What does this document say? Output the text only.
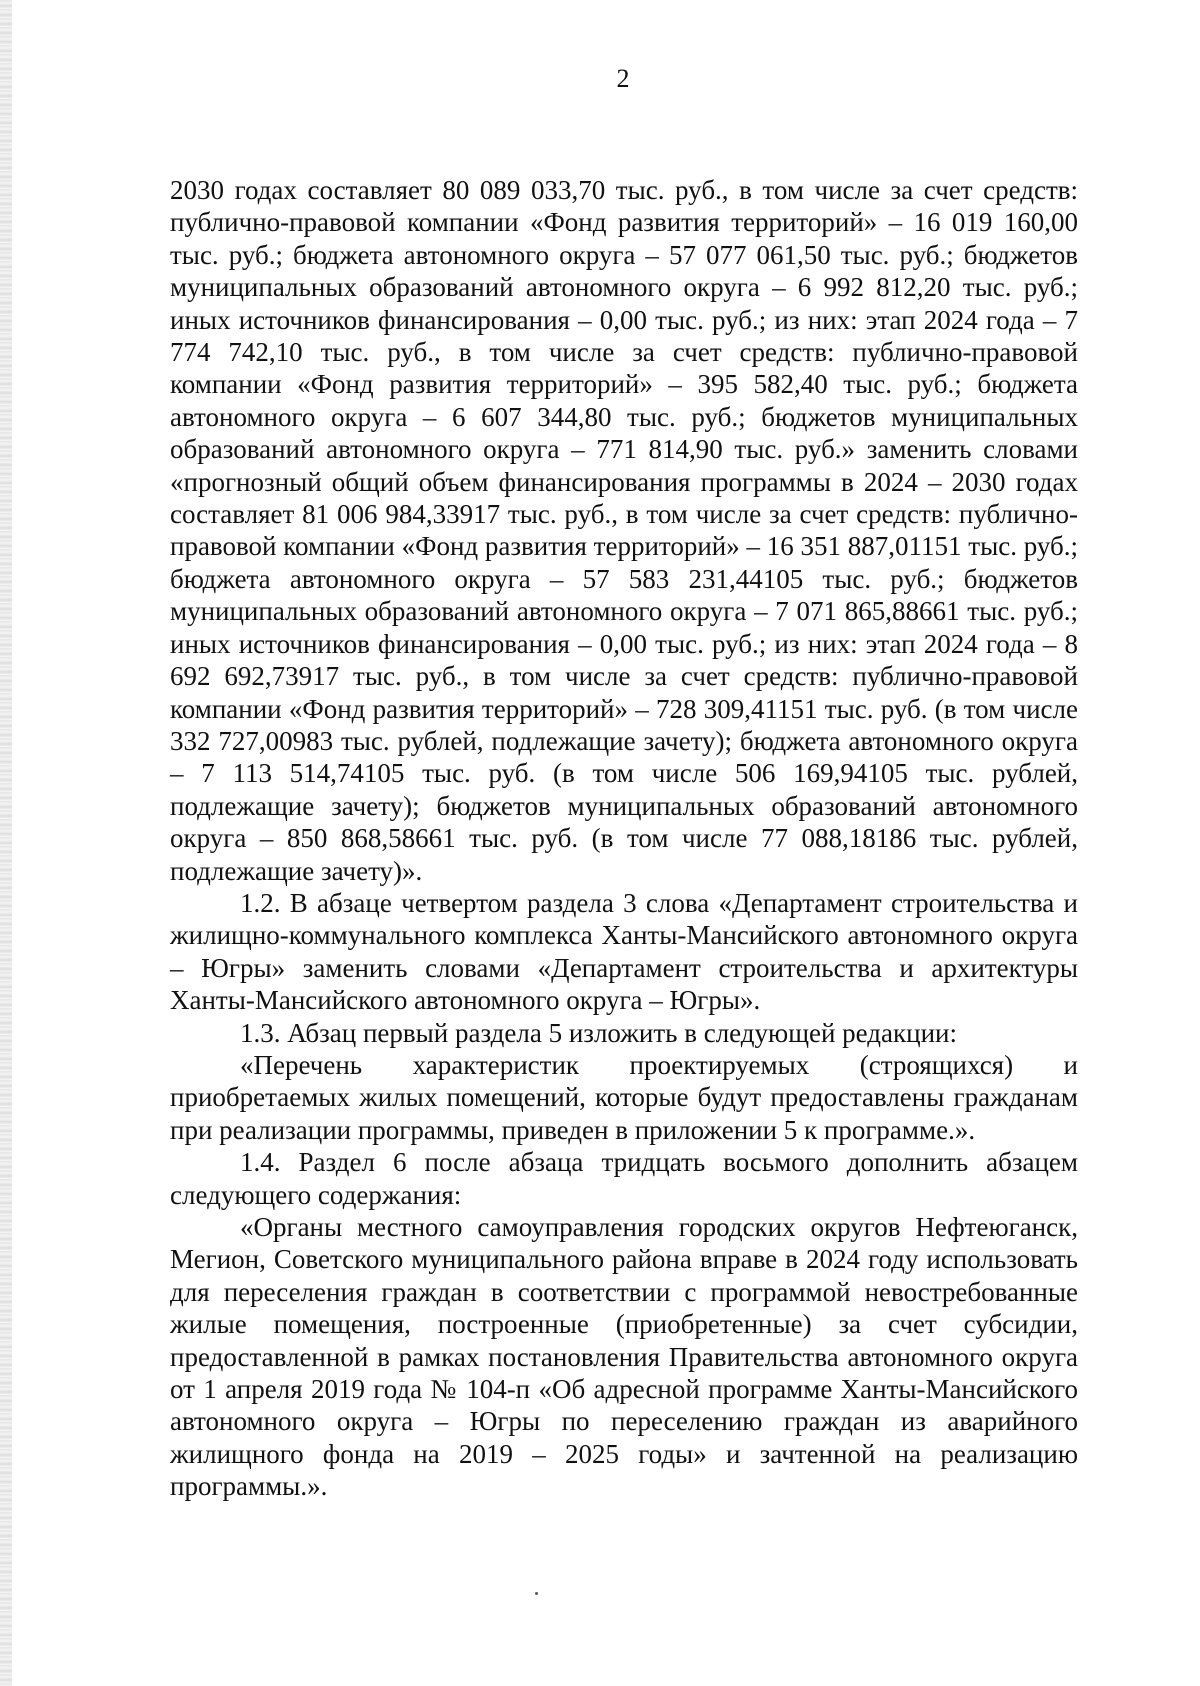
2

2030 годах составляет 80 089 033,70 тыс. руб., в том числе за счет средств: публично-правовой компании «Фонд развития территорий» – 16 019 160,00 тыс. руб.; бюджета автономного округа – 57 077 061,50 тыс. руб.; бюджетов муниципальных образований автономного округа – 6 992 812,20 тыс. руб.; иных источников финансирования – 0,00 тыс. руб.; из них: этап 2024 года – 7 774 742,10 тыс. руб., в том числе за счет средств: публично-правовой компании «Фонд развития территорий» – 395 582,40 тыс. руб.; бюджета автономного округа – 6 607 344,80 тыс. руб.; бюджетов муниципальных образований автономного округа – 771 814,90 тыс. руб.» заменить словами «прогнозный общий объем финансирования программы в 2024 – 2030 годах составляет 81 006 984,33917 тыс. руб., в том числе за счет средств: публично-правовой компании «Фонд развития территорий» – 16 351 887,01151 тыс. руб.; бюджета автономного округа – 57 583 231,44105 тыс. руб.; бюджетов муниципальных образований автономного округа – 7 071 865,88661 тыс. руб.; иных источников финансирования – 0,00 тыс. руб.; из них: этап 2024 года – 8 692 692,73917 тыс. руб., в том числе за счет средств: публично-правовой компании «Фонд развития территорий» – 728 309,41151 тыс. руб. (в том числе 332 727,00983 тыс. рублей, подлежащие зачету); бюджета автономного округа – 7 113 514,74105 тыс. руб. (в том числе 506 169,94105 тыс. рублей, подлежащие зачету); бюджетов муниципальных образований автономного округа – 850 868,58661 тыс. руб. (в том числе 77 088,18186 тыс. рублей, подлежащие зачету)».

1.2. В абзаце четвертом раздела 3 слова «Департамент строительства и жилищно-коммунального комплекса Ханты-Мансийского автономного округа – Югры» заменить словами «Департамент строительства и архитектуры Ханты-Мансийского автономного округа – Югры».

1.3. Абзац первый раздела 5 изложить в следующей редакции:

«Перечень характеристик проектируемых (строящихся) и приобретаемых жилых помещений, которые будут предоставлены гражданам при реализации программы, приведен в приложении 5 к программе.».

1.4. Раздел 6 после абзаца тридцать восьмого дополнить абзацем следующего содержания:

«Органы местного самоуправления городских округов Нефтеюганск, Мегион, Советского муниципального района вправе в 2024 году использовать для переселения граждан в соответствии с программой невостребованные жилые помещения, построенные (приобретенные) за счет субсидии, предоставленной в рамках постановления Правительства автономного округа от 1 апреля 2019 года № 104-п «Об адресной программе Ханты-Мансийского автономного округа – Югры по переселению граждан из аварийного жилищного фонда на 2019 – 2025 годы» и зачтенной на реализацию программы.».
